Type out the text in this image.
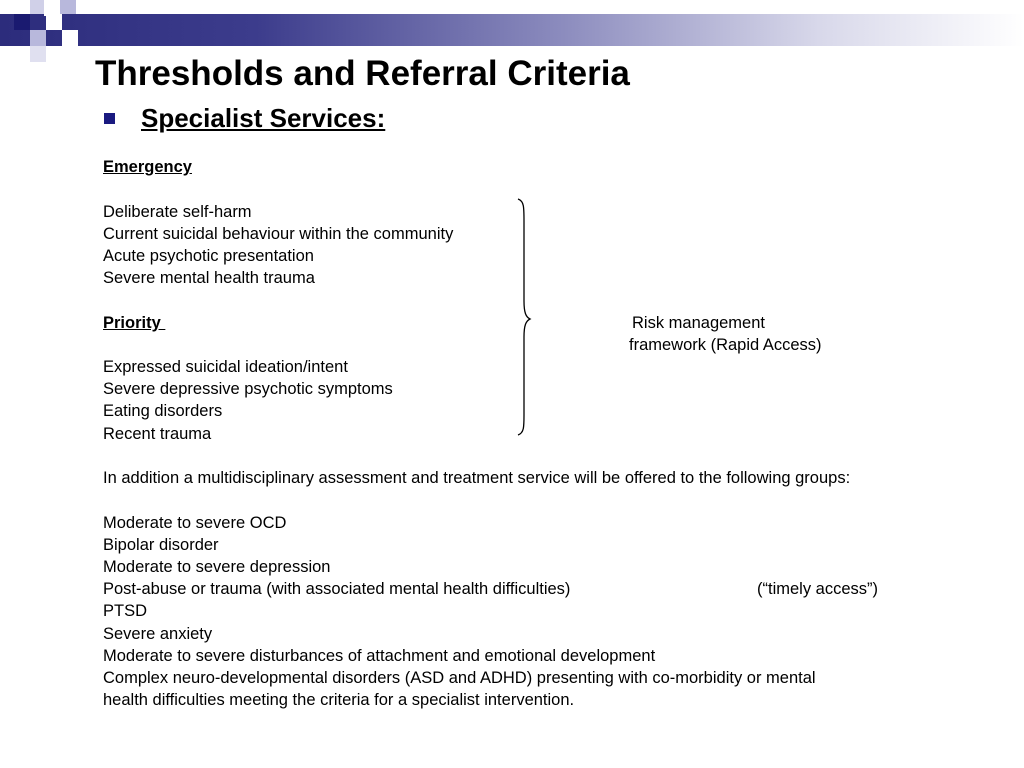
Thresholds and Referral Criteria
Specialist Services:
Emergency
Deliberate self-harm
Current suicidal behaviour within the community
Acute psychotic presentation
Severe mental health trauma
Priority
Expressed suicidal ideation/intent
Severe depressive psychotic symptoms
Eating disorders
Recent trauma
Risk management
framework (Rapid Access)
In addition a multidisciplinary assessment and treatment service will be offered to the following groups:
Moderate to severe OCD
Bipolar disorder
Moderate to severe depression
Post-abuse or trauma (with associated mental health difficulties)	(“timely access”)
PTSD
Severe anxiety
Moderate to severe disturbances of attachment and emotional development
Complex neuro-developmental disorders (ASD and ADHD) presenting with co-morbidity or mental
health difficulties meeting the criteria for a specialist intervention.
